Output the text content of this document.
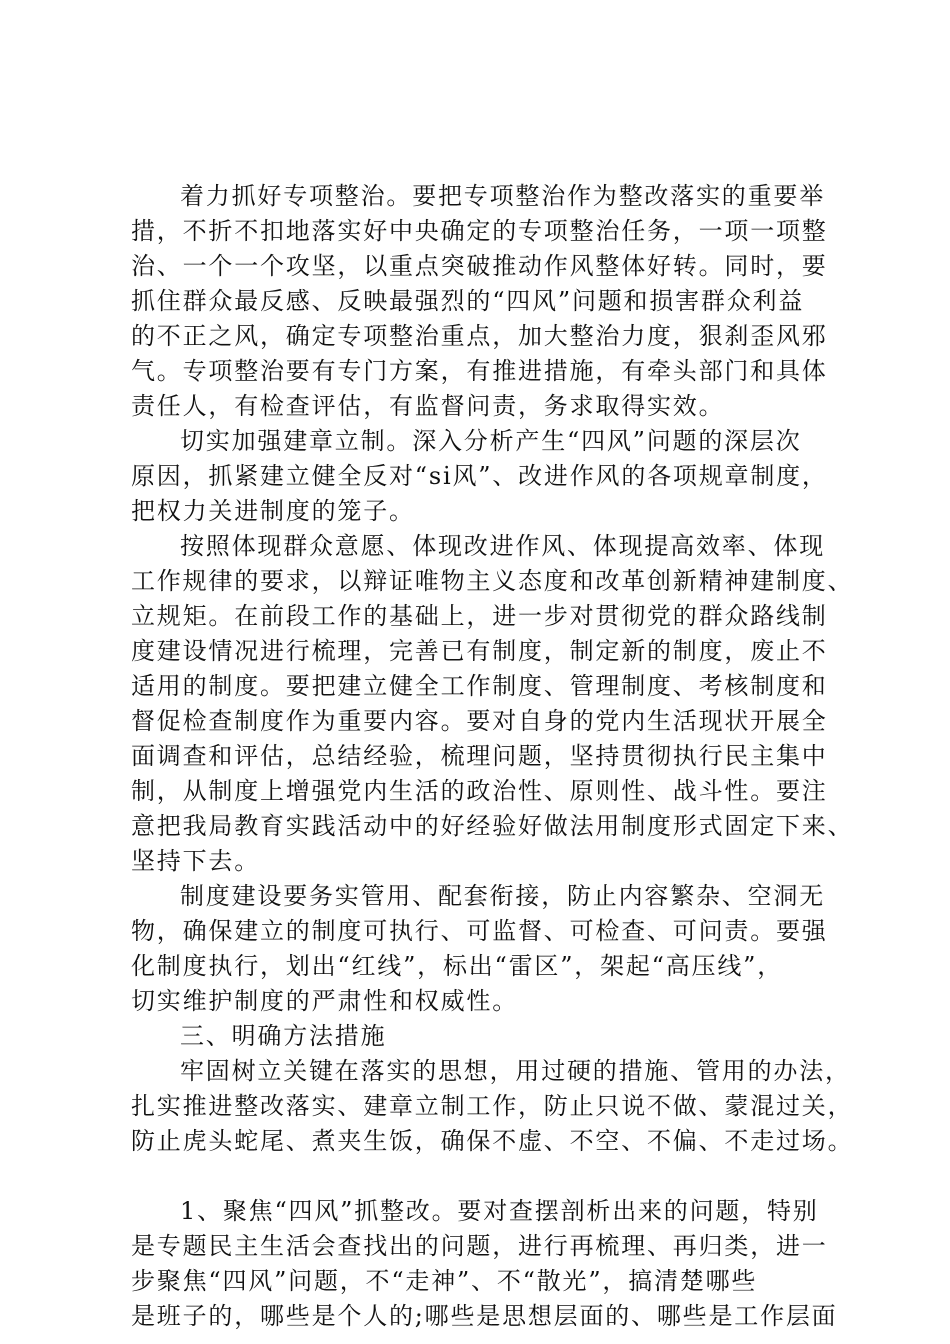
着力抓好专项整治。要把专项整治作为整改落实的重要举
措，不折不扣地落实好中央确定的专项整治任务，一项一项整
治、一个一个攻坚，以重点突破推动作风整体好转。同时，要
抓住群众最反感、反映最强烈的“四风”问题和损害群众利益
的不正之风，确定专项整治重点，加大整治力度，狠刹歪风邪
气。专项整治要有专门方案，有推进措施，有牵头部门和具体
责任人，有检查评估，有监督问责，务求取得实效。
切实加强建章立制。深入分析产生“四风”问题的深层次
原因，抓紧建立健全反对“si风”、改进作风的各项规章制度，
把权力关进制度的笼子。
按照体现群众意愿、体现改进作风、体现提高效率、体现
工作规律的要求，以辩证唯物主义态度和改革创新精神建制度、
立规矩。在前段工作的基础上，进一步对贯彻党的群众路线制
度建设情况进行梳理，完善已有制度，制定新的制度，废止不
适用的制度。要把建立健全工作制度、管理制度、考核制度和
督促检查制度作为重要内容。要对自身的党内生活现状开展全
面调查和评估，总结经验，梳理问题，坚持贯彻执行民主集中
制，从制度上增强党内生活的政治性、原则性、战斗性。要注
意把我局教育实践活动中的好经验好做法用制度形式固定下来、
坚持下去。
制度建设要务实管用、配套衔接，防止内容繁杂、空洞无
物，确保建立的制度可执行、可监督、可检查、可问责。要强
化制度执行，划出“红线”，标出“雷区”，架起“高压线”，
切实维护制度的严肃性和权威性。
三、明确方法措施
牢固树立关键在落实的思想，用过硬的措施、管用的办法，
扎实推进整改落实、建章立制工作，防止只说不做、蒙混过关，
防止虎头蛇尾、煮夹生饭，确保不虚、不空、不偏、不走过场。
1、聚焦“四风”抓整改。要对查摆剖析出来的问题，特别
是专题民主生活会查找出的问题，进行再梳理、再归类，进一
步聚焦“四风”问题，不“走神”、不“散光”，搞清楚哪些
是班子的，哪些是个人的;哪些是思想层面的、哪些是工作层面
